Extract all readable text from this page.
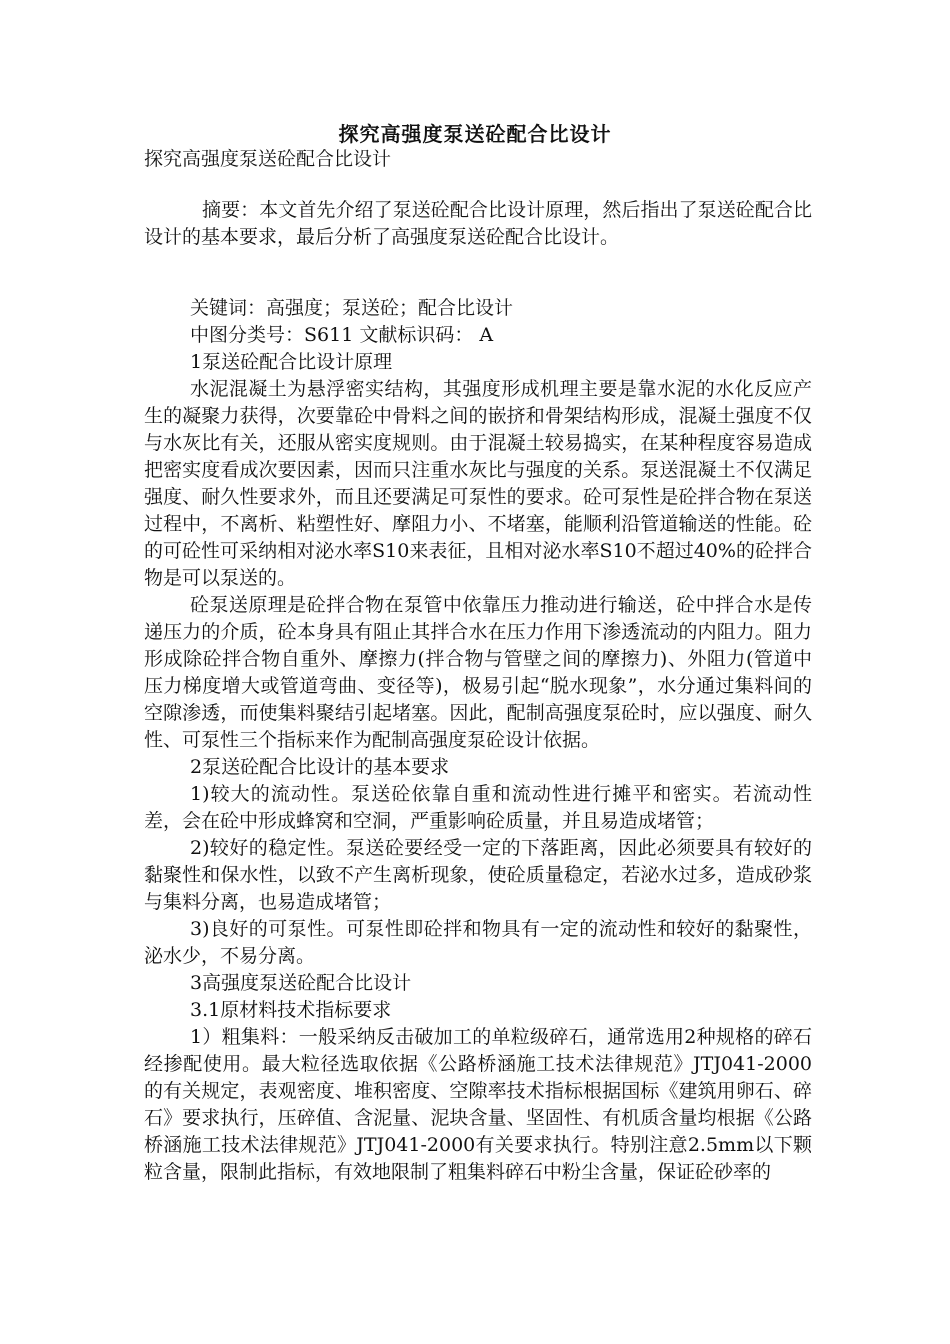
探究高强度泵送砼配合比设计

探究高强度泵送砼配合比设计

摘要：本文首先介绍了泵送砼配合比设计原理，然后指出了泵送砼配合比设计的基本要求，最后分析了高强度泵送砼配合比设计。

关键词：高强度；泵送砼；配合比设计

中图分类号：S611 文献标识码： A

1泵送砼配合比设计原理

水泥混凝土为悬浮密实结构，其强度形成机理主要是靠水泥的水化反应产生的凝聚力获得，次要靠砼中骨料之间的嵌挤和骨架结构形成，混凝土强度不仅与水灰比有关，还服从密实度规则。由于混凝土较易捣实，在某种程度容易造成把密实度看成次要因素，因而只注重水灰比与强度的关系。泵送混凝土不仅满足强度、耐久性要求外，而且还要满足可泵性的要求。砼可泵性是砼拌合物在泵送过程中，不离析、粘塑性好、摩阻力小、不堵塞，能顺利沿管道输送的性能。砼的可砼性可采纳相对泌水率S10来表征，且相对泌水率S10不超过40%的砼拌合物是可以泵送的。

砼泵送原理是砼拌合物在泵管中依靠压力推动进行输送，砼中拌合水是传递压力的介质，砼本身具有阻止其拌合水在压力作用下渗透流动的内阻力。阻力形成除砼拌合物自重外、摩擦力(拌合物与管壁之间的摩擦力)、外阻力(管道中压力梯度增大或管道弯曲、变径等)，极易引起“脱水现象”，水分通过集料间的空隙渗透，而使集料聚结引起堵塞。因此，配制高强度泵砼时，应以强度、耐久性、可泵性三个指标来作为配制高强度泵砼设计依据。

2泵送砼配合比设计的基本要求

1)较大的流动性。泵送砼依靠自重和流动性进行摊平和密实。若流动性差，会在砼中形成蜂窝和空洞，严重影响砼质量，并且易造成堵管；

2)较好的稳定性。泵送砼要经受一定的下落距离，因此必须要具有较好的黏聚性和保水性，以致不产生离析现象，使砼质量稳定，若泌水过多，造成砂浆与集料分离，也易造成堵管；

3)良好的可泵性。可泵性即砼拌和物具有一定的流动性和较好的黏聚性，泌水少，不易分离。

3高强度泵送砼配合比设计

3.1原材料技术指标要求

1）粗集料：一般采纳反击破加工的单粒级碎石，通常选用2种规格的碎石经掺配使用。最大粒径选取依据《公路桥涵施工技术法律规范》JTJ041-2000的有关规定，表观密度、堆积密度、空隙率技术指标根据国标《建筑用卵石、碎石》要求执行，压碎值、含泥量、泥块含量、坚固性、有机质含量均根据《公路桥涵施工技术法律规范》JTJ041-2000有关要求执行。特别注意2.5mm以下颗粒含量，限制此指标，有效地限制了粗集料碎石中粉尘含量，保证砼砂率的
